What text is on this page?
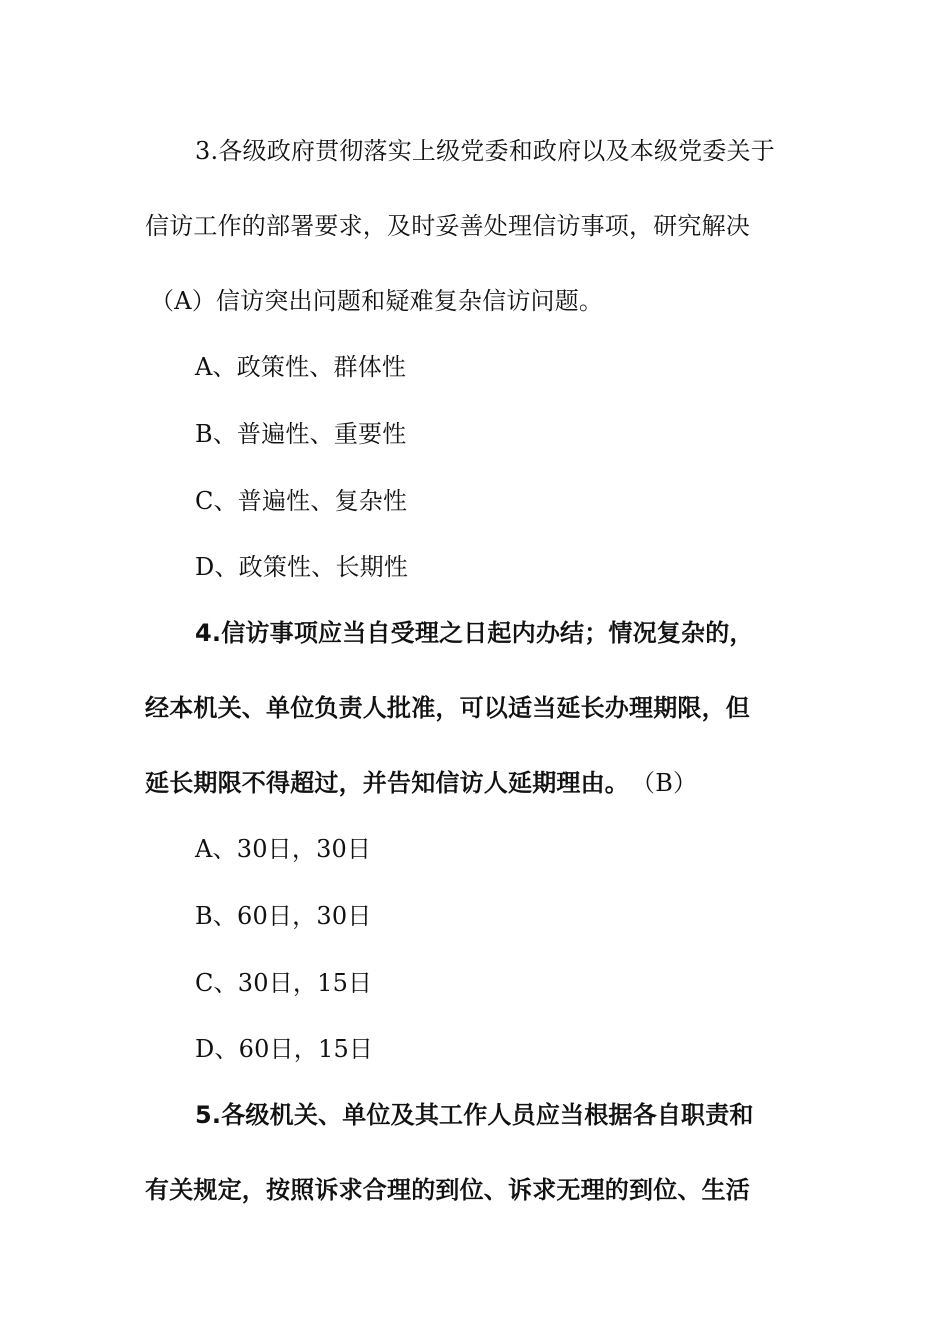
3.各级政府贯彻落实上级党委和政府以及本级党委关于
信访工作的部署要求，及时妥善处理信访事项，研究解决
（A）信访突出问题和疑难复杂信访问题。
A、政策性、群体性
B、普遍性、重要性
C、普遍性、复杂性
D、政策性、长期性
4.信访事项应当自受理之日起内办结；情况复杂的，
经本机关、单位负责人批准，可以适当延长办理期限，但
延长期限不得超过，并告知信访人延期理由。 （B）
A、30日，30日
B、60日，30日
C、30日，15日
D、60日，15日
5.各级机关、单位及其工作人员应当根据各自职责和
有关规定，按照诉求合理的到位、诉求无理的到位、生活
